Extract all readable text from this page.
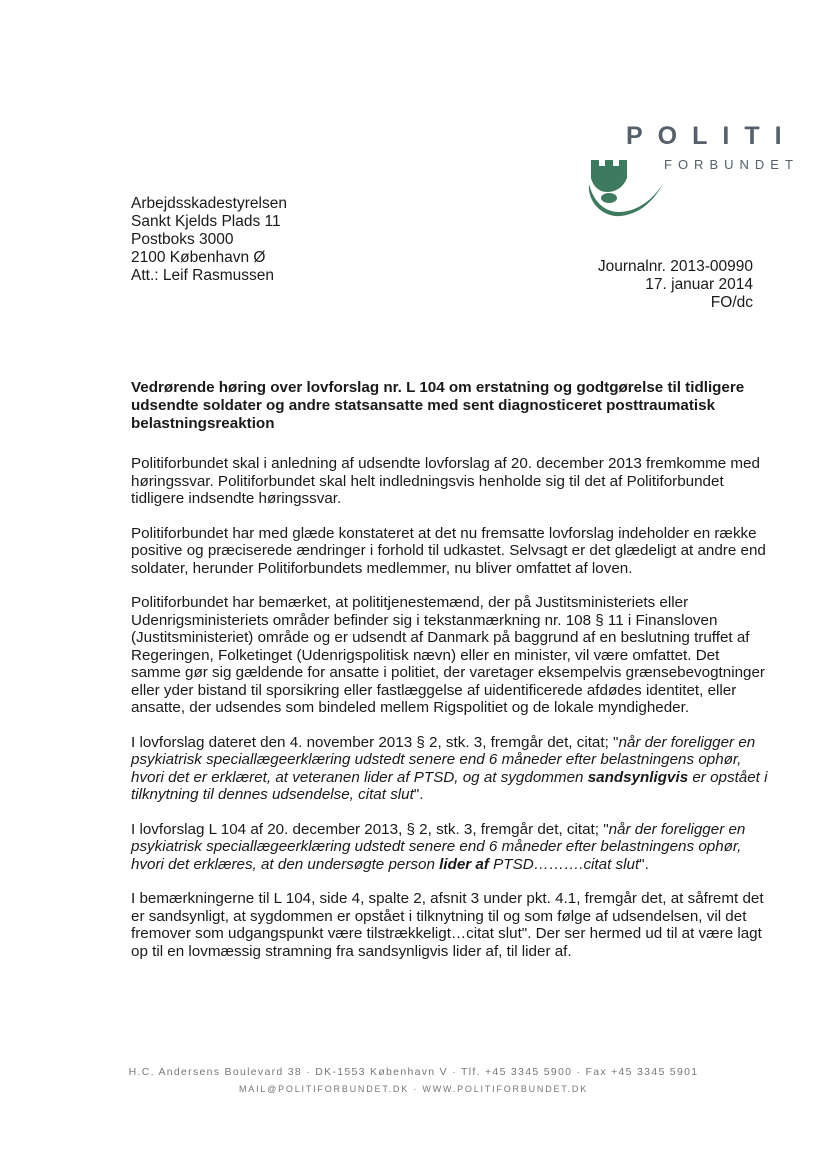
POLITI
FORBUNDET
Arbejdsskadestyrelsen
Sankt Kjelds Plads 11
Postboks 3000
2100 København Ø
Att.: Leif Rasmussen
Journalnr. 2013-00990
17. januar 2014
FO/dc
Vedrørende høring over lovforslag nr. L 104 om erstatning og godtgørelse til tidligere udsendte soldater og andre statsansatte med sent diagnosticeret posttraumatisk belastningsreaktion

Politiforbundet skal i anledning af udsendte lovforslag af 20. december 2013 fremkomme med høringssvar. Politiforbundet skal helt indledningsvis henholde sig til det af Politiforbundet tidligere indsendte høringssvar.

Politiforbundet har med glæde konstateret at det nu fremsatte lovforslag indeholder en række positive og præciserede ændringer i forhold til udkastet. Selvsagt er det glædeligt at andre end soldater, herunder Politiforbundets medlemmer, nu bliver omfattet af loven.

Politiforbundet har bemærket, at polititjenestemænd, der på Justitsministeriets eller Udenrigsministeriets områder befinder sig i tekstanmærkning nr. 108 § 11 i Finansloven (Justitsministeriet) område og er udsendt af Danmark på baggrund af en beslutning truffet af Regeringen, Folketinget (Udenrigspolitisk nævn) eller en minister, vil være omfattet. Det samme gør sig gældende for ansatte i politiet, der varetager eksempelvis grænsebevogtninger eller yder bistand til sporsikring eller fastlæggelse af uidentificerede afdødes identitet, eller ansatte, der udsendes som bindeled mellem Rigspolitiet og de lokale myndigheder.

I lovforslag dateret den 4. november 2013 § 2, stk. 3, fremgår det, citat; "når der foreligger en psykiatrisk speciallægeerklæring udstedt senere end 6 måneder efter belastningens ophør, hvori det er erklæret, at veteranen lider af PTSD, og at sygdommen sandsynligvis er opstået i tilknytning til dennes udsendelse, citat slut".

I lovforslag L 104 af 20. december 2013, § 2, stk. 3, fremgår det, citat; "når der foreligger en psykiatrisk speciallægeerklæring udstedt senere end 6 måneder efter belastningens ophør, hvori det erklæres, at den undersøgte person lider af PTSD……….citat slut".

I bemærkningerne til L 104, side 4, spalte 2, afsnit 3 under pkt. 4.1, fremgår det, at såfremt det er sandsynligt, at sygdommen er opstået i tilknytning til og som følge af udsendelsen, vil det fremover som udgangspunkt være tilstrækkeligt…citat slut". Der ser hermed ud til at være lagt op til en lovmæssig stramning fra sandsynligvis lider af, til lider af.

H.C. Andersens Boulevard 38 · DK-1553 København V · Tlf. +45 3345 5900 · Fax +45 3345 5901
MAIL@POLITIFORBUNDET.DK · WWW.POLITIFORBUNDET.DK
